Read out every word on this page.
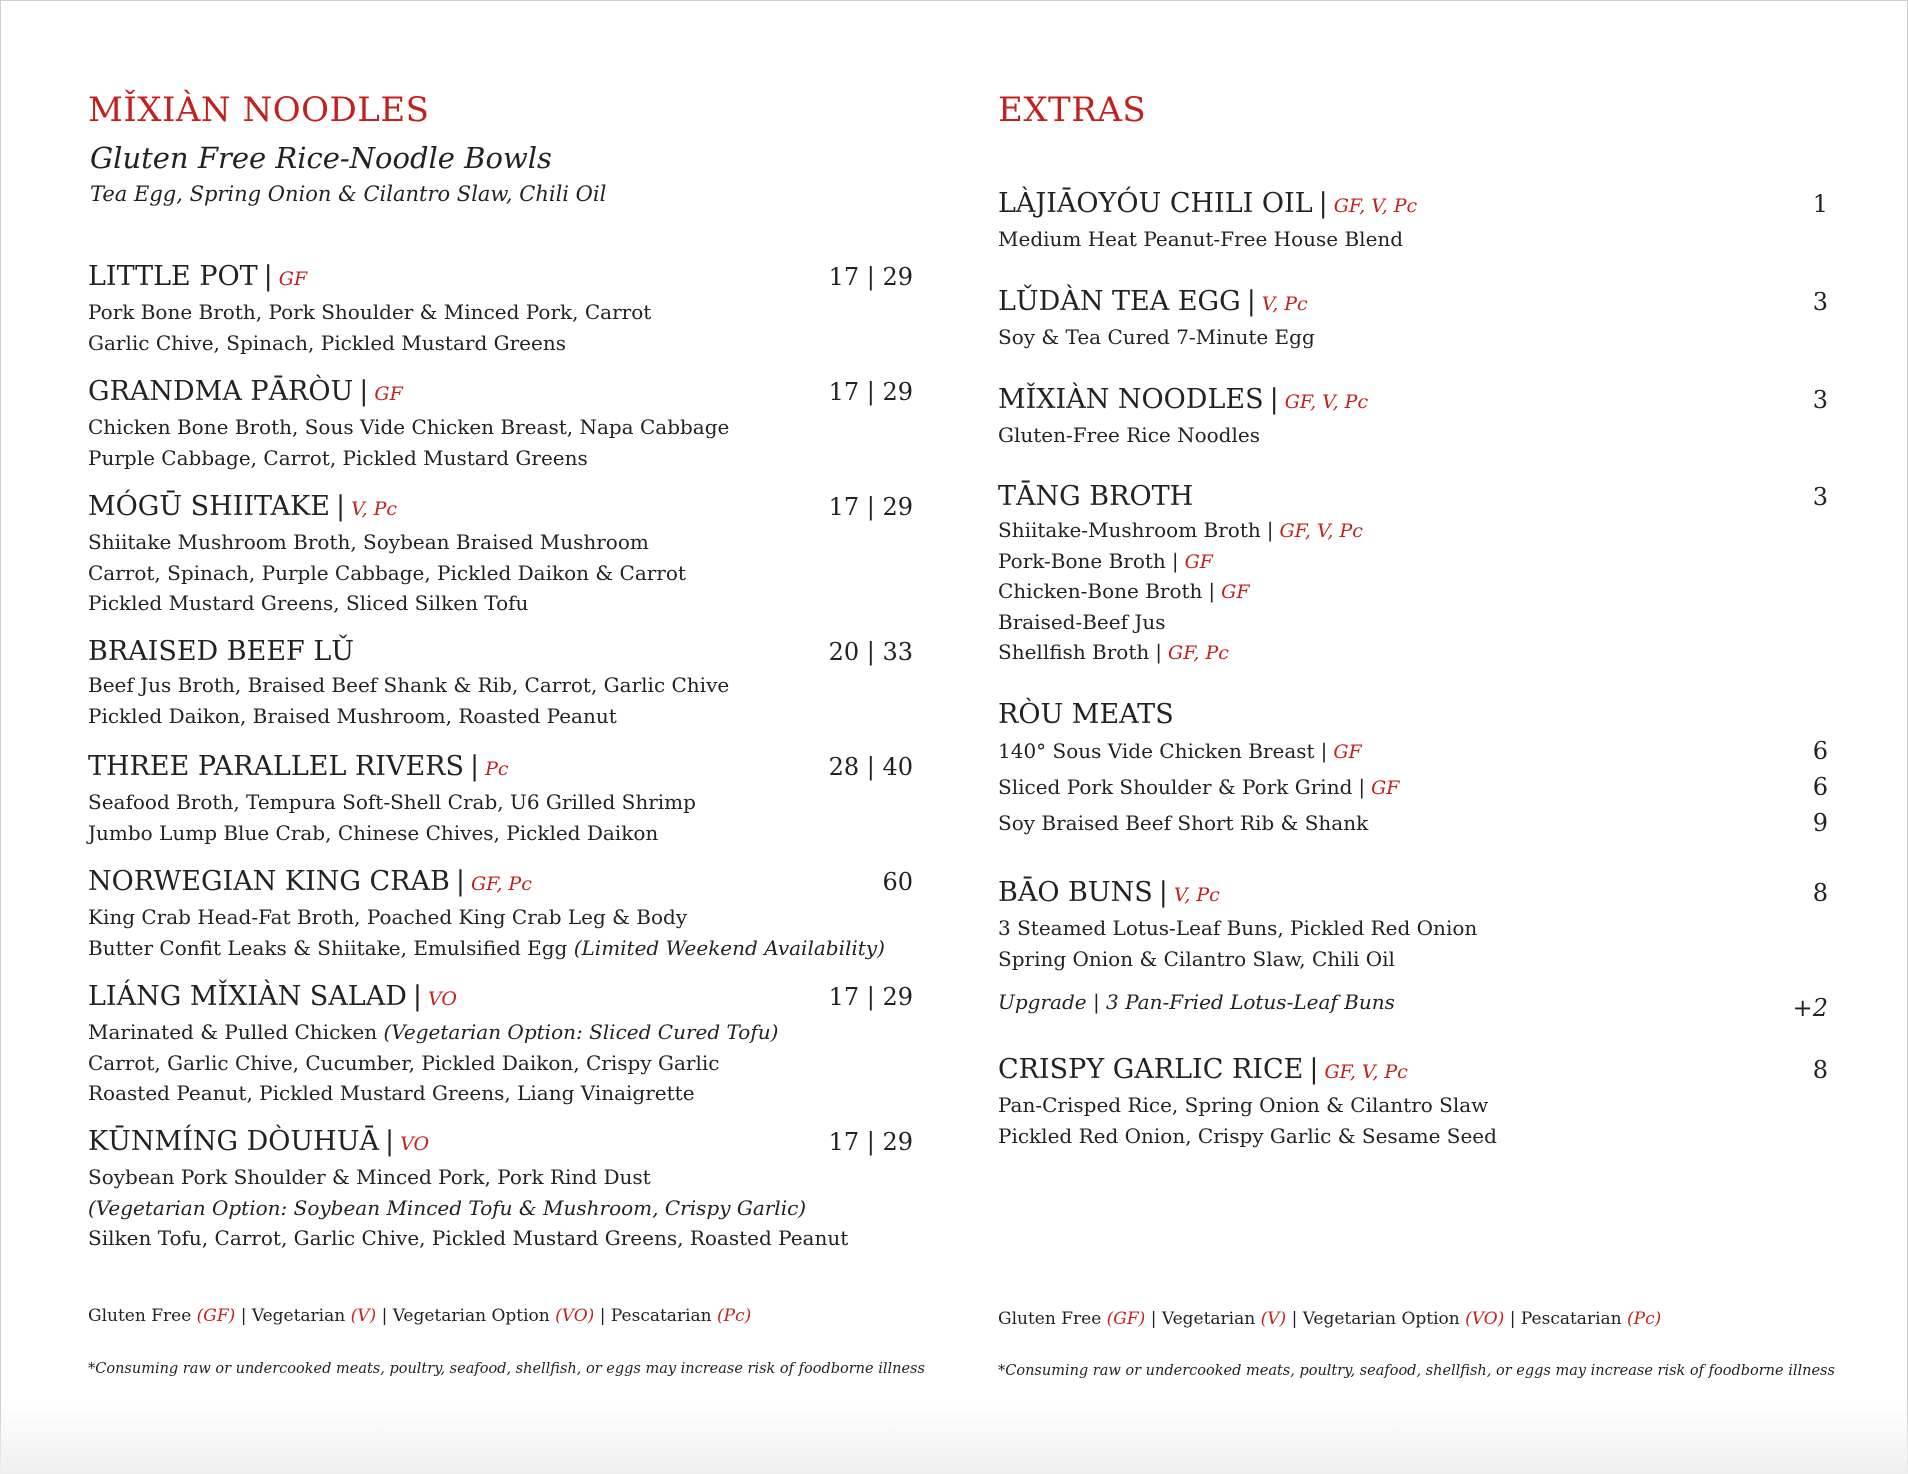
MǏXIÀN NOODLES
Gluten Free Rice-Noodle Bowls
Tea Egg, Spring Onion & Cilantro Slaw, Chili Oil
LITTLE POT | GF	17 | 29
Pork Bone Broth, Pork Shoulder & Minced Pork, Carrot
Garlic Chive, Spinach, Pickled Mustard Greens
GRANDMA PĀRÒU | GF	17 | 29
Chicken Bone Broth, Sous Vide Chicken Breast, Napa Cabbage
Purple Cabbage, Carrot, Pickled Mustard Greens
MÓGŪ SHIITAKE | V, Pc	17 | 29
Shiitake Mushroom Broth, Soybean Braised Mushroom
Carrot, Spinach, Purple Cabbage, Pickled Daikon & Carrot
Pickled Mustard Greens, Sliced Silken Tofu
BRAISED BEEF LǓ	20 | 33
Beef Jus Broth, Braised Beef Shank & Rib, Carrot, Garlic Chive
Pickled Daikon, Braised Mushroom, Roasted Peanut
THREE PARALLEL RIVERS | Pc	28 | 40
Seafood Broth, Tempura Soft-Shell Crab, U6 Grilled Shrimp
Jumbo Lump Blue Crab, Chinese Chives, Pickled Daikon
NORWEGIAN KING CRAB | GF, Pc	60
King Crab Head-Fat Broth, Poached King Crab Leg & Body
Butter Confit Leaks & Shiitake, Emulsified Egg (Limited Weekend Availability)
LIÁNG MǏXIÀN SALAD | VO	17 | 29
Marinated & Pulled Chicken (Vegetarian Option: Sliced Cured Tofu)
Carrot, Garlic Chive, Cucumber, Pickled Daikon, Crispy Garlic
Roasted Peanut, Pickled Mustard Greens, Liang Vinaigrette
KŪNMÍNG DÒUHUĀ | VO	17 | 29
Soybean Pork Shoulder & Minced Pork, Pork Rind Dust
(Vegetarian Option: Soybean Minced Tofu & Mushroom, Crispy Garlic)
Silken Tofu, Carrot, Garlic Chive, Pickled Mustard Greens, Roasted Peanut
Gluten Free (GF) | Vegetarian (V) | Vegetarian Option (VO) | Pescatarian (Pc)
*Consuming raw or undercooked meats, poultry, seafood, shellfish, or eggs may increase risk of foodborne illness
EXTRAS
LÀJIĀOYÓU CHILI OIL | GF, V, Pc	1
Medium Heat Peanut-Free House Blend
LǓDÀN TEA EGG | V, Pc	3
Soy & Tea Cured 7-Minute Egg
MǏXIÀN NOODLES | GF, V, Pc	3
Gluten-Free Rice Noodles
TĀNG BROTH	3
Shiitake-Mushroom Broth | GF, V, Pc
Pork-Bone Broth | GF
Chicken-Bone Broth | GF
Braised-Beef Jus
Shellfish Broth | GF, Pc
RÒU MEATS
140° Sous Vide Chicken Breast | GF	6
Sliced Pork Shoulder & Pork Grind | GF	6
Soy Braised Beef Short Rib & Shank	9
BĀO BUNS | V, Pc	8
3 Steamed Lotus-Leaf Buns, Pickled Red Onion
Spring Onion & Cilantro Slaw, Chili Oil
Upgrade | 3 Pan-Fried Lotus-Leaf Buns	+2
CRISPY GARLIC RICE | GF, V, Pc	8
Pan-Crisped Rice, Spring Onion & Cilantro Slaw
Pickled Red Onion, Crispy Garlic & Sesame Seed
Gluten Free (GF) | Vegetarian (V) | Vegetarian Option (VO) | Pescatarian (Pc)
*Consuming raw or undercooked meats, poultry, seafood, shellfish, or eggs may increase risk of foodborne illness
